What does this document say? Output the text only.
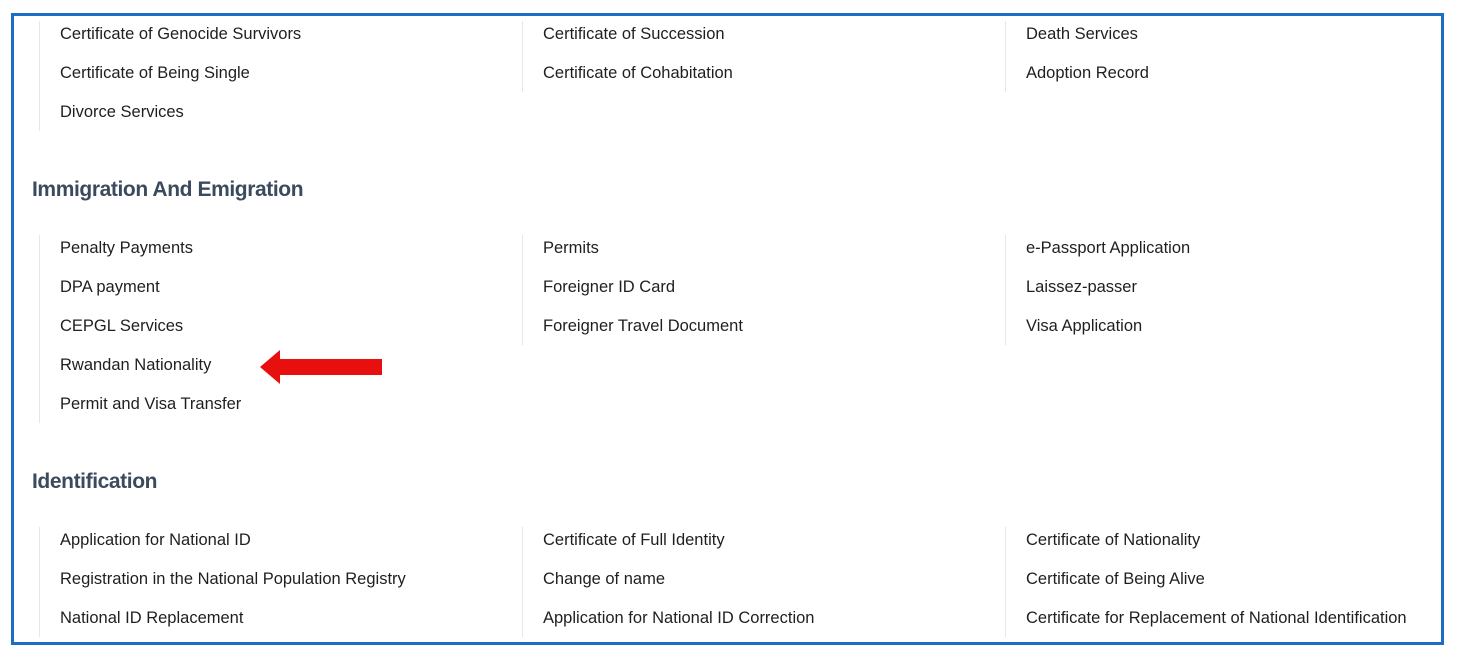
Certificate of Genocide Survivors
Certificate of Being Single
Divorce Services
Certificate of Succession
Certificate of Cohabitation
Death Services
Adoption Record
Immigration And Emigration
Penalty Payments
DPA payment
CEPGL Services
Rwandan Nationality
Permit and Visa Transfer
Permits
Foreigner ID Card
Foreigner Travel Document
e-Passport Application
Laissez-passer
Visa Application
Identification
Application for National ID
Registration in the National Population Registry
National ID Replacement
Certificate of Full Identity
Change of name
Application for National ID Correction
Certificate of Nationality
Certificate of Being Alive
Certificate for Replacement of National Identification
